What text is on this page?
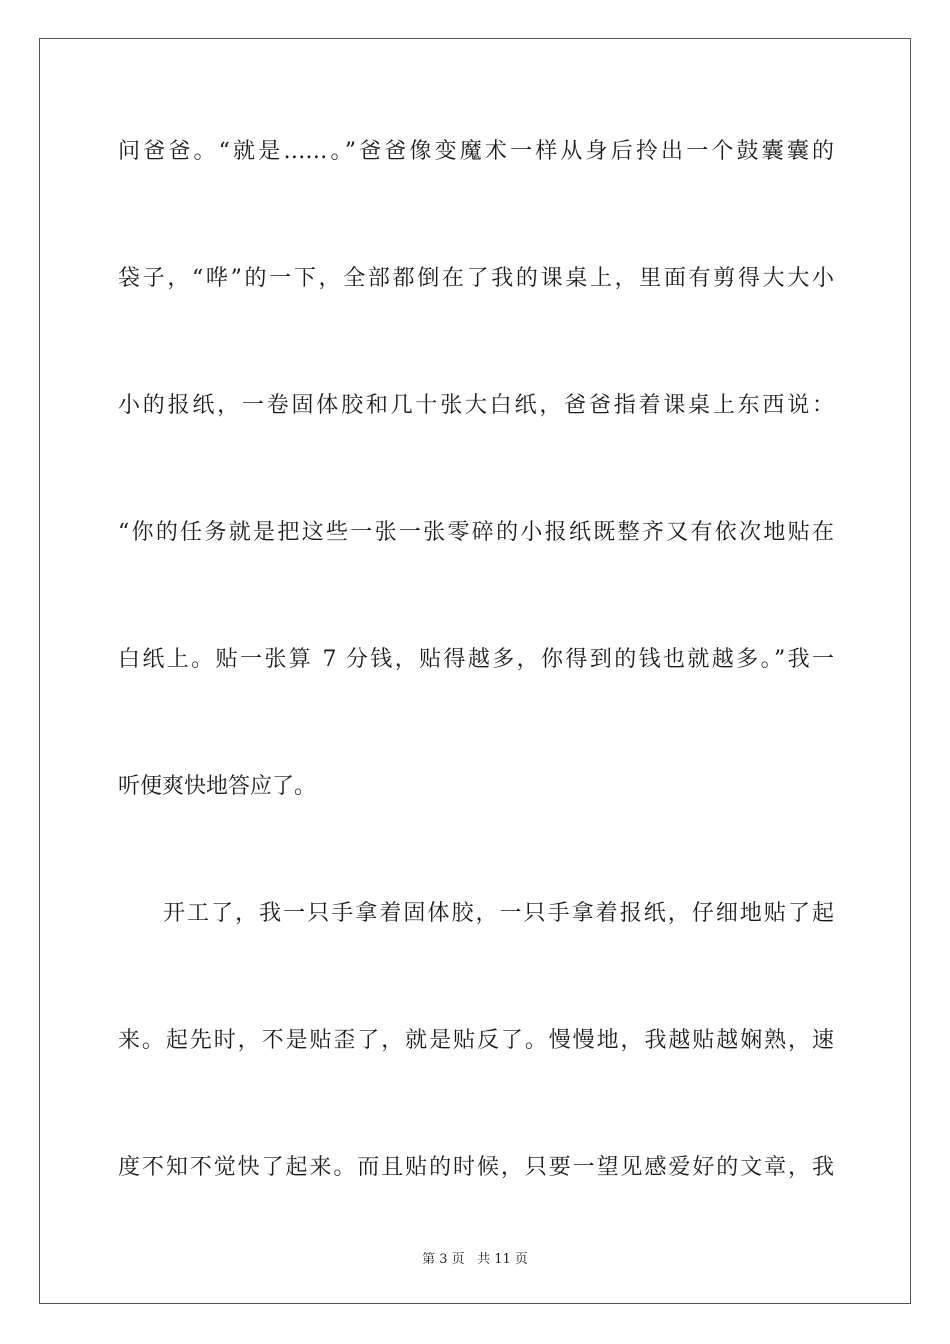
问爸爸。“就是……。”爸爸像变魔术一样从身后拎出一个鼓囊囊的
袋子，“哗”的一下，全部都倒在了我的课桌上，里面有剪得大大小
小的报纸，一卷固体胶和几十张大白纸，爸爸指着课桌上东西说：
“你的任务就是把这些一张一张零碎的小报纸既整齐又有依次地贴在
白纸上。贴一张算 7 分钱，贴得越多，你得到的钱也就越多。”我一
听便爽快地答应了。
开工了，我一只手拿着固体胶，一只手拿着报纸，仔细地贴了起
来。起先时，不是贴歪了，就是贴反了。慢慢地，我越贴越娴熟，速
度不知不觉快了起来。而且贴的时候，只要一望见感爱好的文章，我
第 3 页 共 11 页
